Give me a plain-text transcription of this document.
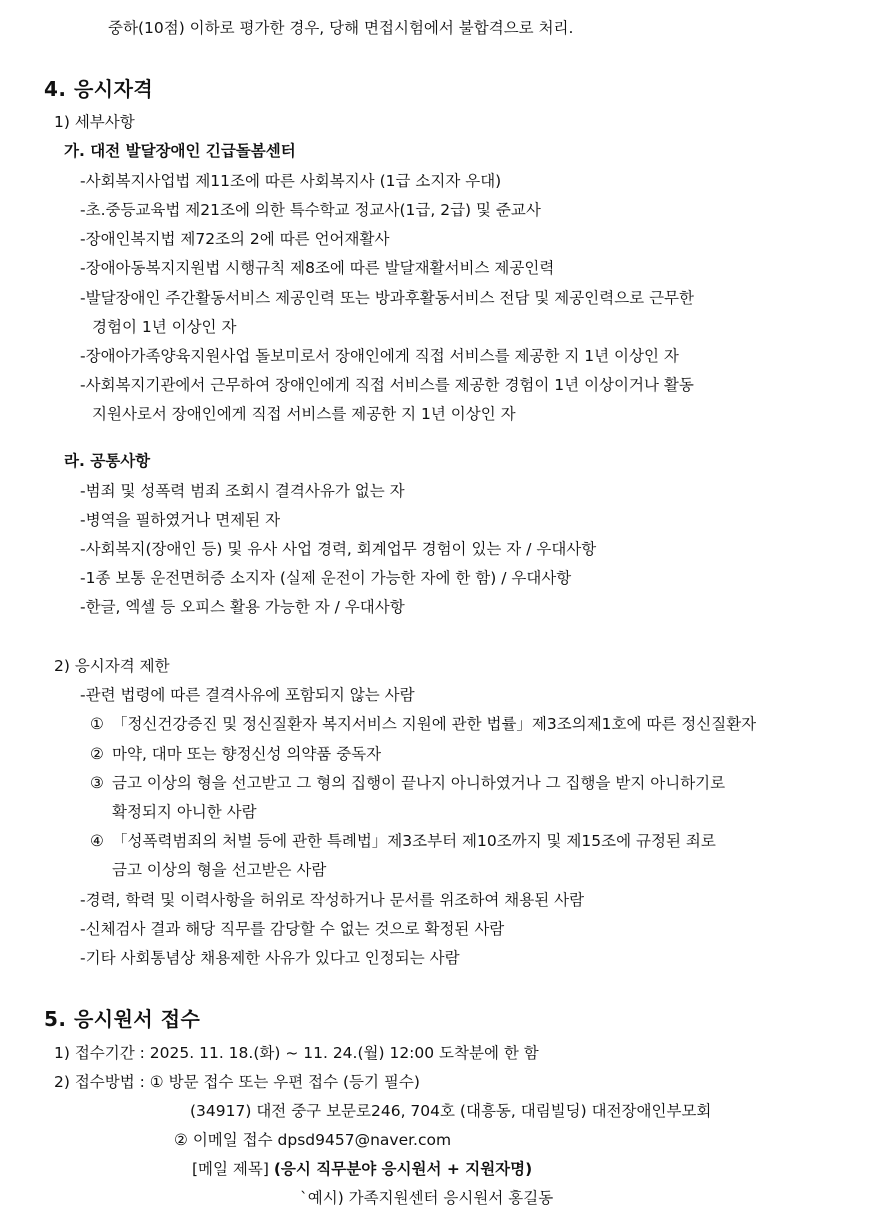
중하(10점) 이하로 평가한 경우, 당해 면접시험에서 불합격으로 처리.
4. 응시자격
1) 세부사항
가. 대전 발달장애인 긴급돌봄센터
-사회복지사업법 제11조에 따른 사회복지사 (1급 소지자 우대)
-초.중등교육법 제21조에 의한 특수학교 정교사(1급, 2급) 및 준교사
-장애인복지법 제72조의 2에 따른 언어재활사
-장애아동복지지원법 시행규칙 제8조에 따른 발달재활서비스 제공인력
-발달장애인 주간활동서비스 제공인력 또는 방과후활동서비스 전담 및 제공인력으로 근무한
경험이 1년 이상인 자
-장애아가족양육지원사업 돌보미로서 장애인에게 직접 서비스를 제공한 지 1년 이상인 자
-사회복지기관에서 근무하여 장애인에게 직접 서비스를 제공한 경험이 1년 이상이거나 활동
지원사로서 장애인에게 직접 서비스를 제공한 지 1년 이상인 자
라. 공통사항
-범죄 및 성폭력 범죄 조회시 결격사유가 없는 자
-병역을 필하였거나 면제된 자
-사회복지(장애인 등) 및 유사 사업 경력, 회계업무 경험이 있는 자 / 우대사항
-1종 보통 운전면허증 소지자 (실제 운전이 가능한 자에 한 함) / 우대사항
-한글, 엑셀 등 오피스 활용 가능한 자 / 우대사항
2) 응시자격 제한
-관련 법령에 따른 결격사유에 포함되지 않는 사람
① 「정신건강증진 및 정신질환자 복지서비스 지원에 관한 법률」제3조의제1호에 따른 정신질환자
② 마약, 대마 또는 향정신성 의약품 중독자
③ 금고 이상의 형을 선고받고 그 형의 집행이 끝나지 아니하였거나 그 집행을 받지 아니하기로
확정되지 아니한 사람
④ 「성폭력범죄의 처벌 등에 관한 특례법」제3조부터 제10조까지 및 제15조에 규정된 죄로
금고 이상의 형을 선고받은 사람
-경력, 학력 및 이력사항을 허위로 작성하거나 문서를 위조하여 채용된 사람
-신체검사 결과 해당 직무를 감당할 수 없는 것으로 확정된 사람
-기타 사회통념상 채용제한 사유가 있다고 인정되는 사람
5. 응시원서 접수
1) 접수기간 : 2025. 11. 18.(화) ~ 11. 24.(월) 12:00 도착분에 한 함
2) 접수방법 : ① 방문 접수 또는 우편 접수 (등기 필수)
(34917) 대전 중구 보문로246, 704호 (대흥동, 대림빌딩) 대전장애인부모회
② 이메일 접수 dpsd9457@naver.com
[메일 제목] (응시 직무분야 응시원서 + 지원자명)
`예시) 가족지원센터 응시원서 홍길동
